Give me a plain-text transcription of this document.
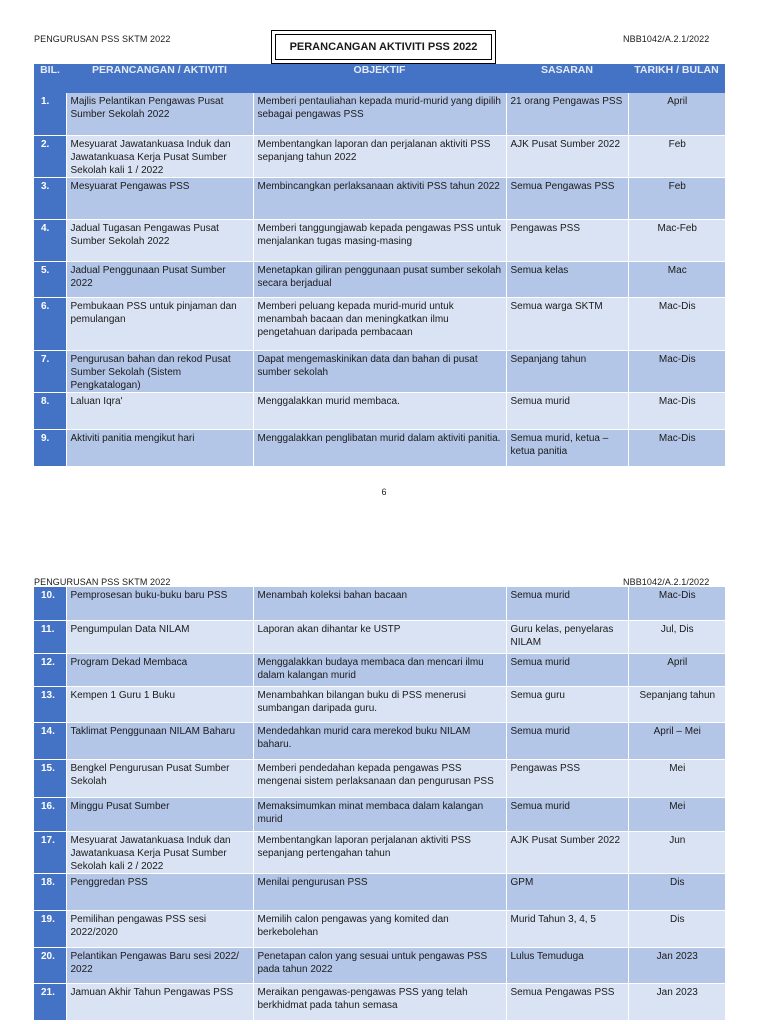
PENGURUSAN PSS SKTM 2022	NBB1042/A.2.1/2022
PERANCANGAN AKTIVITI PSS 2022
BIL.	PERANCANGAN / AKTIVITI	OBJEKTIF	SASARAN	TARIKH / BULAN
1.	Majlis Pelantikan Pengawas Pusat Sumber Sekolah 2022	Memberi pentauliahan kepada murid-murid yang dipilih sebagai pengawas PSS	21 orang Pengawas PSS	April
2.	Mesyuarat Jawatankuasa Induk dan Jawatankuasa Kerja Pusat Sumber Sekolah kali 1 / 2022	Membentangkan laporan dan perjalanan aktiviti PSS sepanjang tahun 2022	AJK Pusat Sumber 2022	Feb
3.	Mesyuarat Pengawas PSS	Membincangkan perlaksanaan aktiviti PSS tahun 2022	Semua Pengawas PSS	Feb
4.	Jadual Tugasan Pengawas Pusat Sumber Sekolah 2022	Memberi tanggungjawab kepada pengawas PSS untuk menjalankan tugas masing-masing	Pengawas PSS	Mac-Feb
5.	Jadual Penggunaan Pusat Sumber 2022	Menetapkan giliran penggunaan pusat sumber sekolah secara berjadual	Semua kelas	Mac
6.	Pembukaan PSS untuk pinjaman dan pemulangan	Memberi peluang kepada murid-murid untuk menambah bacaan dan meningkatkan ilmu pengetahuan daripada pembacaan	Semua warga SKTM	Mac-Dis
7.	Pengurusan bahan dan rekod Pusat Sumber Sekolah (Sistem Pengkatalogan)	Dapat mengemaskinikan data dan bahan di pusat sumber sekolah	Sepanjang tahun	Mac-Dis
8.	Laluan Iqra'	Menggalakkan murid membaca.	Semua murid	Mac-Dis
9.	Aktiviti panitia mengikut hari	Menggalakkan penglibatan murid dalam aktiviti panitia.	Semua murid, ketua – ketua panitia	Mac-Dis
6
PENGURUSAN PSS SKTM 2022	NBB1042/A.2.1/2022
10.	Pemprosesan buku-buku baru PSS	Menambah koleksi bahan bacaan	Semua murid	Mac-Dis
11.	Pengumpulan Data NILAM	Laporan akan dihantar ke USTP	Guru kelas, penyelaras NILAM	Jul, Dis
12.	Program Dekad Membaca	Menggalakkan budaya membaca dan mencari ilmu dalam kalangan murid	Semua murid	April
13.	Kempen 1 Guru 1 Buku	Menambahkan bilangan buku di PSS menerusi sumbangan daripada guru.	Semua guru	Sepanjang tahun
14.	Taklimat Penggunaan NILAM Baharu	Mendedahkan murid cara merekod buku NILAM baharu.	Semua murid	April – Mei
15.	Bengkel Pengurusan Pusat Sumber Sekolah	Memberi pendedahan kepada pengawas PSS mengenai sistem perlaksanaan dan pengurusan PSS	Pengawas PSS	Mei
16.	Minggu Pusat Sumber	Memaksimumkan minat membaca dalam kalangan murid	Semua murid	Mei
17.	Mesyuarat Jawatankuasa Induk dan Jawatankuasa Kerja Pusat Sumber Sekolah kali 2 / 2022	Membentangkan laporan perjalanan aktiviti PSS sepanjang pertengahan tahun	AJK Pusat Sumber 2022	Jun
18.	Penggredan PSS	Menilai pengurusan PSS	GPM	Dis
19.	Pemilihan pengawas PSS sesi 2022/2020	Memilih calon pengawas yang komited dan berkebolehan	Murid Tahun 3, 4, 5	Dis
20.	Pelantikan Pengawas Baru sesi 2022/ 2022	Penetapan calon yang sesuai untuk pengawas PSS pada tahun 2022	Lulus Temuduga	Jan 2023
21.	Jamuan Akhir Tahun Pengawas PSS	Meraikan pengawas-pengawas PSS yang telah berkhidmat pada tahun semasa	Semua Pengawas PSS	Jan 2023
